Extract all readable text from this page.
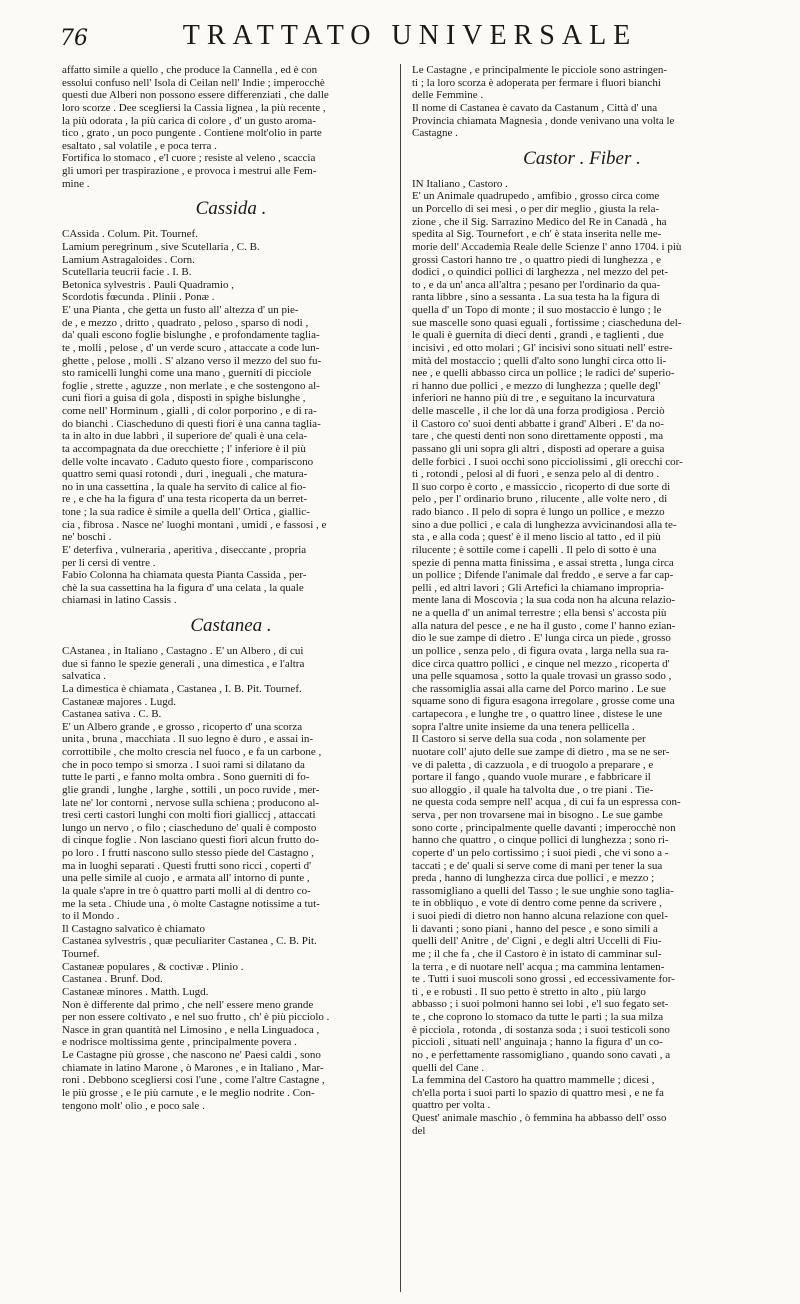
76	TRATTATO UNIVERSALE
affatto simile a quello , che produce la Cannella , ed è con
essolui confuso nell' Isola di Ceilan nell' Indie ; imperocchè
questi due Alberi non possono essere differenziati , che dalle
loro scorze . Dee scegliersi la Cassia lignea , la più recente ,
la più odorata , la più carica di colore , d' un gusto aroma-
tico , grato , un poco pungente . Contiene molt'olio in parte
esaltato , sal volatile , e poca terra .
Fortifica lo stomaco , e'l cuore ; resiste al veleno , scaccia
gli umori per traspirazione , e provoca i mestrui alle Fem-
mine .
Cassida .
CAssida . Colum. Pit. Tournef.
Lamium peregrinum , sive Scutellaria , C. B.
Lamium Astragaloides . Corn.
Scutellaria teucrii facie . I. B.
Betonica sylvestris . Pauli Quadramio ,
Scordotis fœcunda . Plinii . Ponæ .
E' una Pianta , che getta un fusto all' altezza d' un pie-
de , e mezzo , dritto , quadrato , peloso , sparso di nodi ,
da' quali escono foglie bislunghe , e profondamente taglia-
te , molli , pelose , d' un verde scuro , attaccate a code lun-
ghette , pelose , molli . S' alzano verso il mezzo del suo fu-
sto ramicelli lunghi come una mano , guerniti di picciole
foglie , strette , aguzze , non merlate , e che sostengono al-
cuni fiori a guisa di gola , disposti in spighe bislunghe ,
come nell' Horminum , gialli , di color porporino , e di ra-
do bianchi . Ciascheduno di questi fiori è una canna taglia-
ta in alto in due labbri , il superiore de' quali è una cela-
ta accompagnata da due orecchiette ; l' inferiore è il più
delle volte incavato . Caduto questo fiore , compariscono
quattro semi quasi rotondi , duri , ineguali , che matura-
no in una cassettina , la quale ha servito di calice al fio-
re , e che ha la figura d' una testa ricoperta da un berret-
tone ; la sua radice è simile a quella dell' Ortica , giallic-
cia , fibrosa . Nasce ne' luoghi montani , umidi , e fassosi , e
ne' boschi .
E' deterfiva , vulneraria , aperitiva , diseccante , propria
per li cersi di ventre .
Fabio Colonna ha chiamata questa Pianta Cassida , per-
chè la sua cassettina ha la figura d' una celata , la quale
chiamasi in latino Cassis .
Castanea .
CAstanea , in Italiano , Castagno . E' un Albero , di cui
due si fanno le spezie generali , una dimestica , e l'altra
salvatica .
La dimestica è chiamata , Castanea , I. B. Pit. Tournef.
Castaneæ majores . Lugd.
Castanea sativa . C. B.
E' un Albero grande , e grosso , ricoperto d' una scorza
unita , bruna , macchiata . Il suo legno è duro , e assai in-
corrottibile , che molto crescia nel fuoco , e fa un carbone ,
che in poco tempo si smorza . I suoi rami si dilatano da
tutte le parti , e fanno molta ombra . Sono guerniti di fo-
glie grandi , lunghe , larghe , sottili , un poco ruvide , mer-
late ne' lor contorni , nervose sulla schiena ; producono al-
tresì certi castori lunghi con molti fiori gialliccj , attaccati
lungo un nervo , o filo ; ciascheduno de' quali è composto
di cinque foglie . Non lasciano questi fiori alcun frutto do-
po loro . I frutti nascono sullo stesso piede del Castagno ,
ma in luoghi separati . Questi frutti sono ricci , coperti d'
una pelle simile al cuojo , e armata all' intorno di punte ,
la quale s'apre in tre ò quattro parti molli al di dentro co-
me la seta . Chiude una , ò molte Castagne notissime a tut-
to il Mondo .
Il Castagno salvatico è chiamato
Castanea sylvestris , quæ peculiariter Castanea , C. B. Pit.
Tournef.
Castaneæ populares , & coctivæ . Plinio .
Castanea . Brunf. Dod.
Castaneæ minores . Matth. Lugd.
Non è differente dal primo , che nell' essere meno grande
per non essere coltivato , e nel suo frutto , ch' è più picciolo .
Nasce in gran quantità nel Limosino , e nella Linguadoca ,
e nodrisce moltissima gente , principalmente povera .
Le Castagne più grosse , che nascono ne' Paesi caldi , sono
chiamate in latino Marone , ò Marones , e in Italiano , Mar-
roni . Debbono scegliersi così l'une , come l'altre Castagne ,
le più grosse , e le più carnute , e le meglio nodrite . Con-
tengono molt' olio , e poco sale .
Le Castagne , e principalmente le picciole sono astringen-
ti ; la loro scorza è adoperata per fermare i fluori bianchi
delle Femmine .
Il nome di Castanea è cavato da Castanum , Città d' una
Provincia chiamata Magnesia , donde venivano una volta le
Castagne .
Castor . Fiber .
IN Italiano , Castoro .
E' un Animale quadrupedo , amfibio , grosso circa come
un Porcello di sei mesi , o per dir meglio , giusta la rela-
zione , che il Sig. Sarrazino Medico del Re in Canadà , ha
spedita al Sig. Tournefort , e ch' è stata inserita nelle me-
morie dell' Accademia Reale delle Scienze l' anno 1704. i più
grossi Castori hanno tre , o quattro piedi di lunghezza , e
dodici , o quindici pollici di larghezza , nel mezzo del pet-
to , e da un' anca all'altra ; pesano per l'ordinario da qua-
ranta libbre , sino a sessanta . La sua testa ha la figura di
quella d' un Topo di monte ; il suo mostaccio è lungo ; le
sue mascelle sono quasi eguali , fortissime ; ciascheduna del-
le quali è guernita di dieci denti , grandi , e taglienti , due
incisivi , ed otto molari ; Gl' incisivi sono situati nell' estre-
mità del mostaccio ; quelli d'alto sono lunghi circa otto li-
nee , e quelli abbasso circa un pollice ; le radici de' superio-
ri hanno due pollici , e mezzo di lunghezza ; quelle degl'
inferiori ne hanno più di tre , e seguitano la incurvatura
delle mascelle , il che lor dà una forza prodigiosa . Perciò
il Castoro co' suoi denti abbatte i grand' Alberi . E' da no-
tare , che questi denti non sono direttamente opposti , ma
passano gli uni sopra gli altri , disposti ad operare a guisa
delle forbici . I suoi occhi sono picciolissimi , gli orecchi cor-
ti , rotondi , pelosi al di fuori , e senza pelo al di dentro .
Il suo corpo è corto , e massiccio , ricoperto di due sorte di
pelo , per l' ordinario bruno , rilucente , alle volte nero , di
rado bianco . Il pelo di sopra è lungo un pollice , e mezzo
sino a due pollici , e cala di lunghezza avvicinandosi alla te-
sta , e alla coda ; quest' è il meno liscio al tatto , ed il più
rilucente ; è sottile come i capelli . Il pelo di sotto è una
spezie di penna matta finissima , e assai stretta , lunga circa
un pollice ; Difende l'animale dal freddo , e serve a far cap-
pelli , ed altri lavori ; Gli Artefici la chiamano impropria-
mente lana di Moscovia ; la sua coda non ha alcuna relazio-
ne a quella d' un animal terrestre ; ella bensì s' accosta più
alla natura del pesce , e ne ha il gusto , come l' hanno ezian-
dio le sue zampe di dietro . E' lunga circa un piede , grosso
un pollice , senza pelo , di figura ovata , larga nella sua ra-
dice circa quattro pollici , e cinque nel mezzo , ricoperta d'
una pelle squamosa , sotto la quale trovasi un grasso sodo ,
che rassomiglia assai alla carne del Porco marino . Le sue
squame sono di figura esagona irregolare , grosse come una
cartapecora , e lunghe tre , o quattro linee , distese le une
sopra l'altre unite insieme da una tenera pellicella .
Il Castoro si serve della sua coda , non solamente per
nuotare coll' ajuto delle sue zampe di dietro , ma se ne ser-
ve di paletta , di cazzuola , e di truogolo a preparare , e
portare il fango , quando vuole murare , e fabbricare il
suo alloggio , il quale ha talvolta due , o tre piani . Tie-
ne questa coda sempre nell' acqua , di cui fa un espressa con-
serva , per non trovarsene mai in bisogno . Le sue gambe
sono corte , principalmente quelle davanti ; imperocchè non
hanno che quattro , o cinque pollici di lunghezza ; sono ri-
coperte d' un pelo cortissimo ; i suoi piedi , che vi sono a -
taccati ; e de' quali si serve come di mani per tener la sua
preda , hanno di lunghezza circa due pollici , e mezzo ;
rassomigliano a quelli del Tasso ; le sue unghie sono taglia-
te in obbliquo , e vote di dentro come penne da scrivere ,
i suoi piedi di dietro non hanno alcuna relazione con quel-
li davanti ; sono piani , hanno del pesce , e sono simili a
quelli dell' Anitre , de' Cigni , e degli altri Uccelli di Fiu-
me ; il che fa , che il Castoro è in istato di camminar sul-
la terra , e di nuotare nell' acqua ; ma cammina lentamen-
te . Tutti i suoi muscoli sono grossi , ed eccessivamente for-
ti , e e robusti . Il suo petto è stretto in alto , più largo
abbasso ; i suoi polmoni hanno sei lobi , e'l suo fegato set-
te , che coprono lo stomaco da tutte le parti ; la sua milza
è picciola , rotonda , di sostanza soda ; i suoi testicoli sono
piccioli , situati nell' anguinaja ; hanno la figura d' un co-
no , e perfettamente rassomigliano , quando sono cavati , a
quelli del Cane .
La femmina del Castoro ha quattro mammelle ; dicesi ,
ch'ella porta i suoi parti lo spazio di quattro mesi , e ne fa
quattro per volta .
Quest' animale maschio , ò femmina ha abbasso dell' osso
del
